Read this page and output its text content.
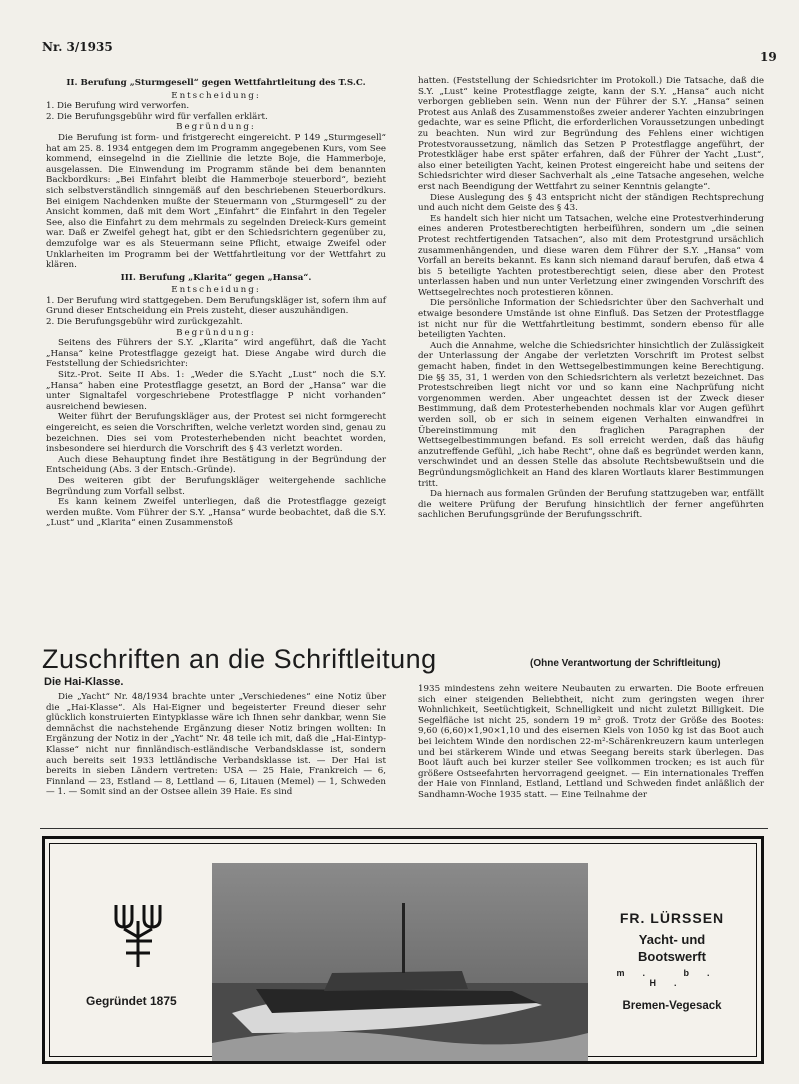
Nr. 3/1935
19

II. Berufung „Sturmgesell“ gegen Wettfahrtleitung des T.S.C.

Entscheidung:

1. Die Berufung wird verworfen.

2. Die Berufungsgebühr wird für verfallen erklärt.

Begründung:

Die Berufung ist form- und fristgerecht eingereicht. P 149 „Sturmgesell“ hat am 25. 8. 1934 entgegen dem im Programm angegebenen Kurs, vom See kommend, einsegelnd in die Ziellinie die letzte Boje, die Hammerboje, ausgelassen. Die Einwendung im Programm stände bei dem benannten Backbordkurs: „Bei Einfahrt bleibt die Hammerboje steuerbord“, bezieht sich selbstverständlich sinngemäß auf den beschriebenen Steuerbordkurs. Bei einigem Nachdenken mußte der Steuermann von „Sturmgesell“ zu der Ansicht kommen, daß mit dem Wort „Einfahrt“ die Einfahrt in den Tegeler See, also die Einfahrt zu dem mehrmals zu segelnden Dreieck-Kurs gemeint war. Daß er Zweifel gehegt hat, gibt er den Schiedsrichtern gegenüber zu, demzufolge war es als Steuermann seine Pflicht, etwaige Zweifel oder Unklarheiten im Programm bei der Wettfahrtleitung vor der Wettfahrt zu klären.

III. Berufung „Klarita“ gegen „Hansa“.

Entscheidung:

1. Der Berufung wird stattgegeben. Dem Berufungskläger ist, sofern ihm auf Grund dieser Entscheidung ein Preis zusteht, dieser auszuhändigen.

2. Die Berufungsgebühr wird zurückgezahlt.

Begründung:

Seitens des Führers der S.Y. „Klarita“ wird angeführt, daß die Yacht „Hansa“ keine Protestflagge gezeigt hat. Diese Angabe wird durch die Feststellung der Schiedsrichter:

Sitz.-Prot. Seite II Abs. 1: „Weder die S.Yacht „Lust“ noch die S.Y. „Hansa“ haben eine Protestflagge gesetzt, an Bord der „Hansa“ war die unter Signaltafel vorgeschriebene Protestflagge P nicht vorhanden“ ausreichend bewiesen.

Weiter führt der Berufungskläger aus, der Protest sei nicht formgerecht eingereicht, es seien die Vorschriften, welche verletzt worden sind, genau zu bezeichnen. Dies sei vom Protesterhebenden nicht beachtet worden, insbesondere sei hierdurch die Vorschrift des § 43 verletzt worden.

Auch diese Behauptung findet ihre Bestätigung in der Begründung der Entscheidung (Abs. 3 der Entsch.-Gründe).

Des weiteren gibt der Berufungskläger weitergehende sachliche Begründung zum Vorfall selbst.

Es kann keinem Zweifel unterliegen, daß die Protestflagge gezeigt werden mußte. Vom Führer der S.Y. „Hansa“ wurde beobachtet, daß die S.Y. „Lust“ und „Klarita“ einen Zusammenstoß

hatten. (Feststellung der Schiedsrichter im Protokoll.) Die Tatsache, daß die S.Y. „Lust“ keine Protestflagge zeigte, kann der S.Y. „Hansa“ auch nicht verborgen geblieben sein. Wenn nun der Führer der S.Y. „Hansa“ seinen Protest aus Anlaß des Zusammenstoßes zweier anderer Yachten einzubringen gedachte, war es seine Pflicht, die erforderlichen Voraussetzungen unbedingt zu beachten. Nun wird zur Begründung des Fehlens einer wichtigen Protestvoraussetzung, nämlich das Setzen P Protestflagge angeführt, der Protestkläger habe erst später erfahren, daß der Führer der Yacht „Lust“, also einer beteiligten Yacht, keinen Protest eingereicht habe und seitens der Schiedsrichter wird dieser Sachverhalt als „eine Tatsache angesehen, welche erst nach Beendigung der Wettfahrt zu seiner Kenntnis gelangte“.

Diese Auslegung des § 43 entspricht nicht der ständigen Rechtsprechung und auch nicht dem Geiste des § 43.

Es handelt sich hier nicht um Tatsachen, welche eine Protestverhinderung eines anderen Protestberechtigten herbeiführen, sondern um „die seinen Protest rechtfertigenden Tatsachen“, also mit dem Protestgrund ursächlich zusammenhängenden, und diese waren dem Führer der S.Y. „Hansa“ vom Vorfall an bereits bekannt. Es kann sich niemand darauf berufen, daß etwa 4 bis 5 beteiligte Yachten protestberechtigt seien, diese aber den Protest unterlassen haben und nun unter Verletzung einer zwingenden Vorschrift des Wettsegelrechtes noch protestieren können.

Die persönliche Information der Schiedsrichter über den Sachverhalt und etwaige besondere Umstände ist ohne Einfluß. Das Setzen der Protestflagge ist nicht nur für die Wettfahrtleitung bestimmt, sondern ebenso für alle beteiligten Yachten.

Auch die Annahme, welche die Schiedsrichter hinsichtlich der Zulässigkeit der Unterlassung der Angabe der verletzten Vorschrift im Protest selbst gemacht haben, findet in den Wettsegelbestimmungen keine Berechtigung. Die §§ 35, 31, 1 werden von den Schiedsrichtern als verletzt bezeichnet. Das Protestschreiben liegt nicht vor und so kann eine Nachprüfung nicht vorgenommen werden. Aber ungeachtet dessen ist der Zweck dieser Bestimmung, daß dem Protesterhebenden nochmals klar vor Augen geführt werden soll, ob er sich in seinem eigenen Verhalten einwandfrei in Übereinstimmung mit den fraglichen Paragraphen der Wettsegelbestimmungen befand. Es soll erreicht werden, daß das häufig anzutreffende Gefühl, „ich habe Recht“, ohne daß es begründet werden kann, verschwindet und an dessen Stelle das absolute Rechtsbewußtsein und die Begründungsmöglichkeit an Hand des klaren Wortlauts klarer Bestimmungen tritt.

Da hiernach aus formalen Gründen der Berufung stattzugeben war, entfällt die weitere Prüfung der Berufung hinsichtlich der ferner angeführten sachlichen Berufungsgründe der Berufungsschrift.

Zuschriften an die Schriftleitung	(Ohne Verantwortung der Schriftleitung)
Die Hai-Klasse.

Die „Yacht“ Nr. 48/1934 brachte unter „Verschiedenes“ eine Notiz über die „Hai-Klasse“. Als Hai-Eigner und begeisterter Freund dieser sehr glücklich konstruierten Eintypklasse wäre ich Ihnen sehr dankbar, wenn Sie demnächst die nachstehende Ergänzung dieser Notiz bringen wollten: In Ergänzung der Notiz in der „Yacht“ Nr. 48 teile ich mit, daß die „Hai-Eintyp-Klasse“ nicht nur finnländisch-estländische Verbandsklasse ist, sondern auch bereits seit 1933 lettländische Verbandsklasse ist. — Der Hai ist bereits in sieben Ländern vertreten: USA — 25 Haie, Frankreich — 6, Finnland — 23, Estland — 8, Lettland — 6, Litauen (Memel) — 1, Schweden — 1. — Somit sind an der Ostsee allein 39 Haie. Es sind

1935 mindestens zehn weitere Neubauten zu erwarten. Die Boote erfreuen sich einer steigenden Beliebtheit, nicht zum geringsten wegen ihrer Wohnlichkeit, Seetüchtigkeit, Schnelligkeit und nicht zuletzt Billigkeit. Die Segelfläche ist nicht 25, sondern 19 m² groß. Trotz der Größe des Bootes: 9,60 (6,60)×1,90×1,10 und des eisernen Kiels von 1050 kg ist das Boot auch bei leichtem Winde den nordischen 22-m²-Schärenkreuzern kaum unterlegen und bei stärkerem Winde und etwas Seegang bereits stark überlegen. Das Boot läuft auch bei kurzer steiler See vollkommen trocken; es ist auch für größere Ostseefahrten hervorragend geeignet. — Ein internationales Treffen der Haie von Finnland, Estland, Lettland und Schweden findet anläßlich der Sandhamn-Woche 1935 statt. — Eine Teilnahme der

Gegründet 1875
FR. LÜRSSEN
Yacht- und
Bootswerft
m. b. H.
Bremen-Vegesack
